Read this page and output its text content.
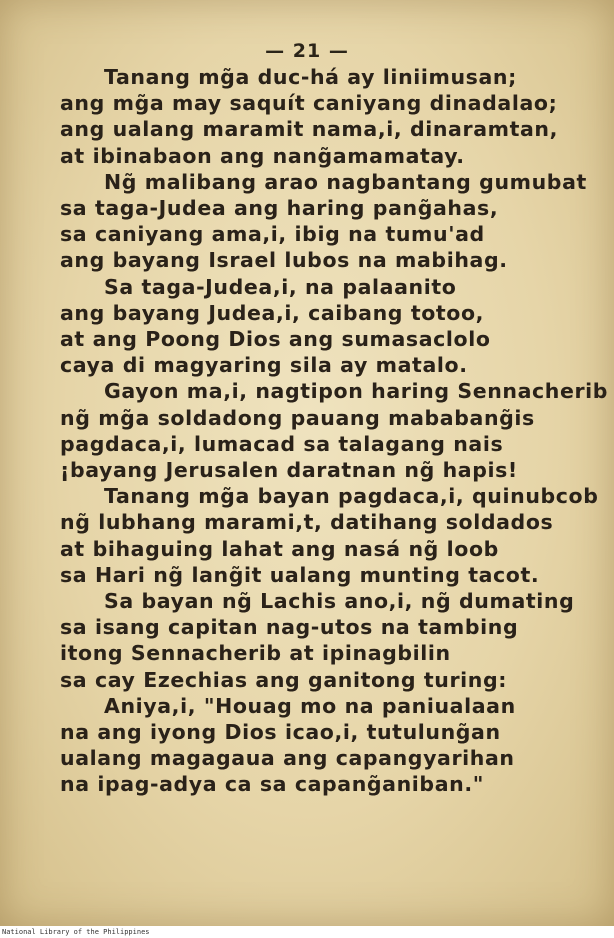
— 21 —
Tanang mg̃a duc-há ay liniimusan;
ang mg̃a may saquít caniyang dinadalao;
ang ualang maramit nama,i, dinaramtan,
at ibinabaon ang nang̃amamatay.
Ng̃ malibang arao nagbantang gumubat
sa taga-Judea ang haring pang̃ahas,
sa caniyang ama,i, ibig na tumu'ad
ang bayang Israel lubos na mabihag.
Sa taga-Judea,i, na palaanito
ang bayang Judea,i, caibang totoo,
at ang Poong Dios ang sumasaclolo
caya di magyaring sila ay matalo.
Gayon ma,i, nagtipon haring Sennacherib
ng̃ mg̃a soldadong pauang mababang̃is
pagdaca,i, lumacad sa talagang nais
¡bayang Jerusalen daratnan ng̃ hapis!
Tanang mg̃a bayan pagdaca,i, quinubcob
ng̃ lubhang marami,t, datihang soldados
at bihaguing lahat ang nasá ng̃ loob
sa Hari ng̃ lang̃it ualang munting tacot.
Sa bayan ng̃ Lachis ano,i, ng̃ dumating
sa isang capitan nag-utos na tambing
itong Sennacherib at ipinagbilin
sa cay Ezechias ang ganitong turing:
Aniya,i, "Houag mo na paniualaan
na ang iyong Dios icao,i, tutulung̃an
ualang magagaua ang capangyarihan
na ipag-adya ca sa capang̃aniban."
National Library of the Philippines
